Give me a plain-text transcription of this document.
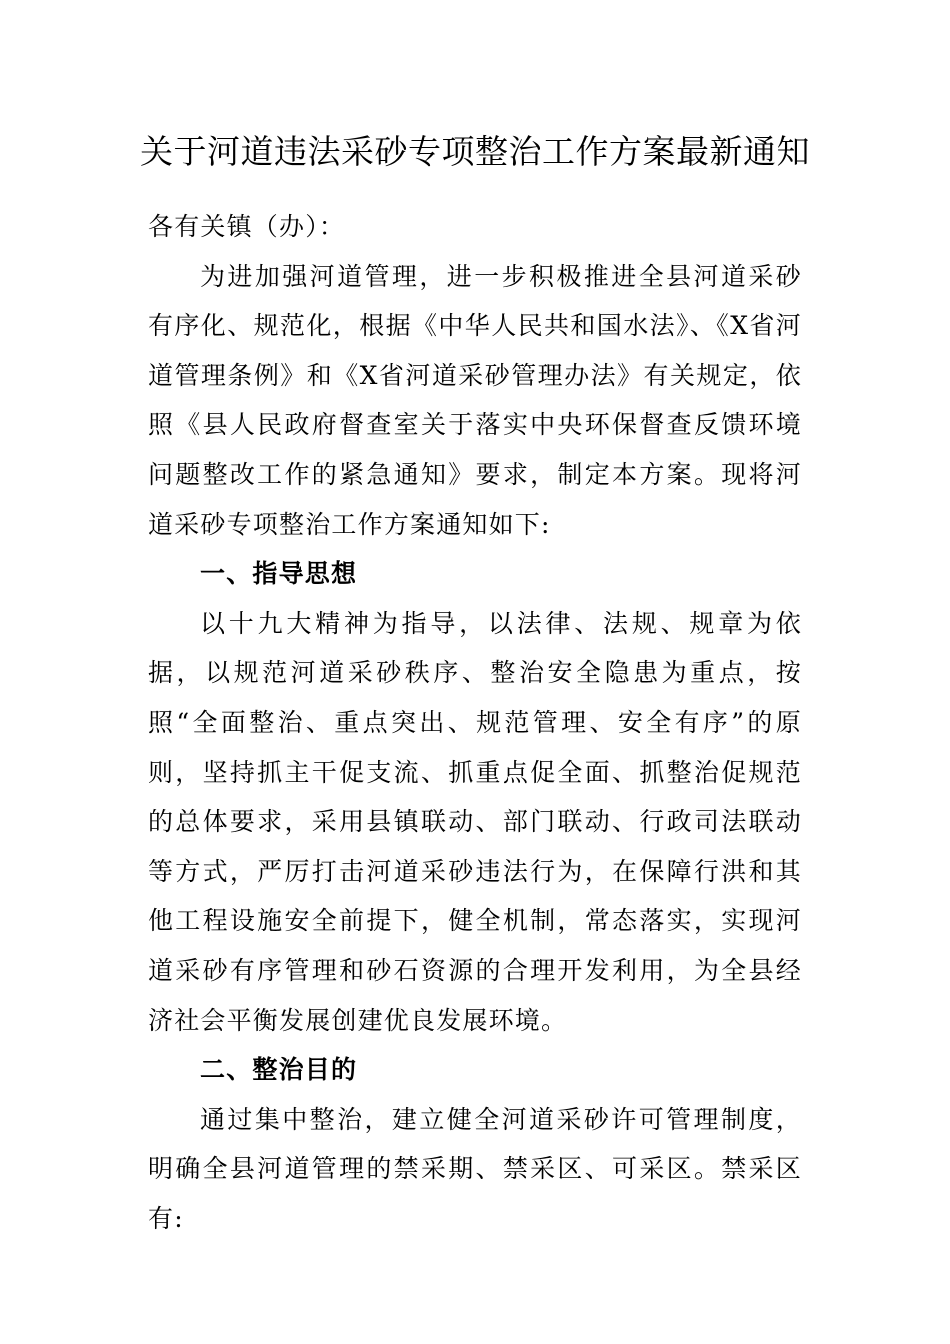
关于河道违法采砂专项整治工作方案最新通知

各有关镇（办）：

为进加强河道管理，进一步积极推进全县河道采砂有序化、规范化，根据《中华人民共和国水法》、《X省河道管理条例》和《X省河道采砂管理办法》有关规定，依照《县人民政府督查室关于落实中央环保督查反馈环境问题整改工作的紧急通知》要求，制定本方案。现将河道采砂专项整治工作方案通知如下:

一、指导思想

以十九大精神为指导，以法律、法规、规章为依据，以规范河道采砂秩序、整治安全隐患为重点，按照“全面整治、重点突出、规范管理、安全有序”的原则，坚持抓主干促支流、抓重点促全面、抓整治促规范的总体要求，采用县镇联动、部门联动、行政司法联动等方式，严厉打击河道采砂违法行为，在保障行洪和其他工程设施安全前提下，健全机制，常态落实，实现河道采砂有序管理和砂石资源的合理开发利用，为全县经济社会平衡发展创建优良发展环境。

二、整治目的

通过集中整治，建立健全河道采砂许可管理制度，明确全县河道管理的禁采期、禁采区、可采区。禁采区有:
